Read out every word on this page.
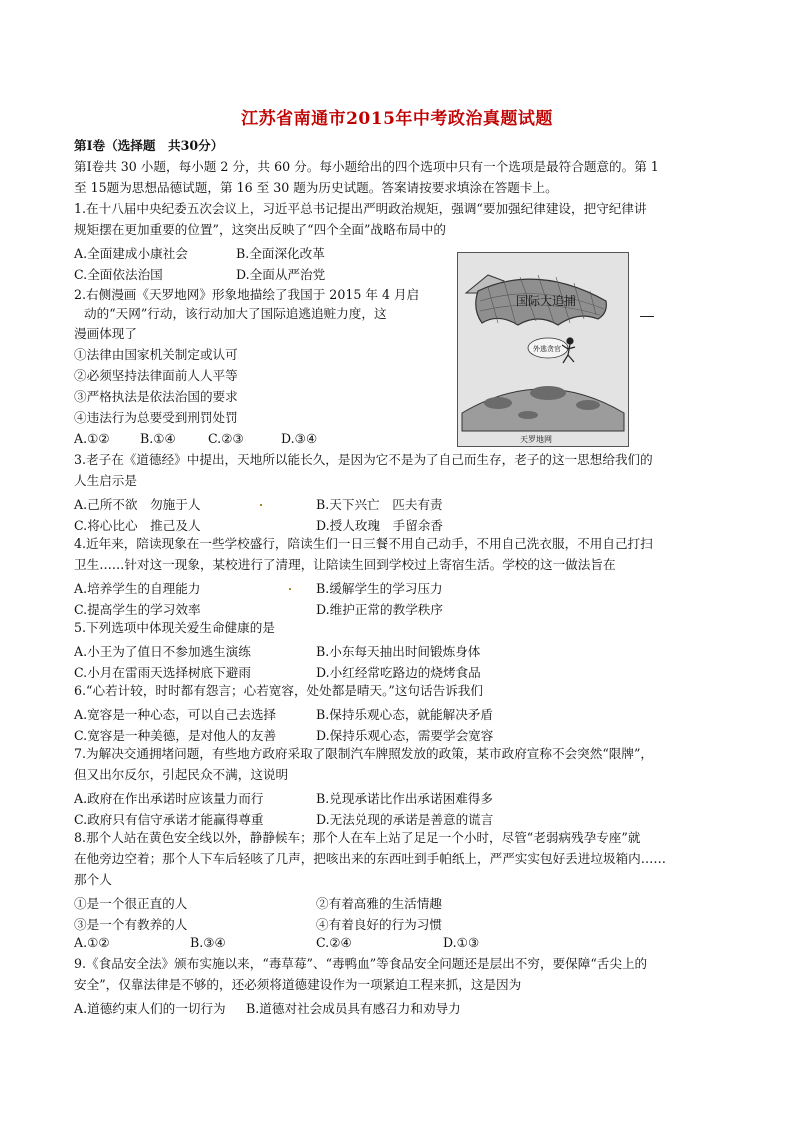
江苏省南通市2015年中考政治真题试题
第Ⅰ卷（选择题　共30分）
第Ⅰ卷共 30 小题，每小题 2 分，共 60 分。每小题给出的四个选项中只有一个选项是最符合题意的。第 1
至 15题为思想品德试题，第 16 至 30 题为历史试题。答案请按要求填涂在答题卡上。
1.在十八届中央纪委五次会议上，习近平总书记提出严明政治规矩，强调“要加强纪律建设，把守纪律讲
规矩摆在更加重要的位置”，这突出反映了“四个全面”战略布局中的
A.全面建成小康社会	B.全面深化改革
C.全面依法治国	D.全面从严治党
2.右侧漫画《天罗地网》形象地描绘了我国于 2015 年 4 月启
动的“天网”行动，该行动加大了国际追逃追赃力度，这
漫画体现了
①法律由国家机关制定或认可
②必须坚持法律面前人人平等
③严格执法是依法治国的要求
④违法行为总要受到刑罚处罚
A.①② B.①④	C.②③	D.③④
国际大追捕
外逃贪官
天罗地网
3.老子在《道德经》中提出，天地所以能长久，是因为它不是为了自己而生存，老子的这一思想给我们的
人生启示是
A.己所不欲　勿施于人	B.天下兴亡　匹夫有责
C.将心比心　推己及人	D.授人玫瑰　手留余香
4.近年来，陪读现象在一些学校盛行，陪读生们一日三餐不用自己动手，不用自己洗衣服，不用自己打扫
卫生……针对这一现象，某校进行了清理，让陪读生回到学校过上寄宿生活。学校的这一做法旨在
A.培养学生的自理能力	B.缓解学生的学习压力
C.提高学生的学习效率	D.维护正常的教学秩序
5.下列选项中体现关爱生命健康的是
A.小王为了值日不参加逃生演练	B.小东每天抽出时间锻炼身体
C.小月在雷雨天选择树底下避雨	D.小红经常吃路边的烧烤食品
6.“心若计较，时时都有怨言；心若宽容，处处都是晴天。”这句话告诉我们
A.宽容是一种心态，可以自己去选择	B.保持乐观心态，就能解决矛盾
C.宽容是一种美德，是对他人的友善	D.保持乐观心态，需要学会宽容
7.为解决交通拥堵问题，有些地方政府采取了限制汽车牌照发放的政策，某市政府宣称不会突然“限牌”，
但又出尔反尔，引起民众不满，这说明
A.政府在作出承诺时应该量力而行	B.兑现承诺比作出承诺困难得多
C.政府只有信守承诺才能赢得尊重	D.无法兑现的承诺是善意的谎言
8.那个人站在黄色安全线以外，静静候车；那个人在车上站了足足一个小时，尽管“老弱病残孕专座”就
在他旁边空着；那个人下车后轻咳了几声，把咳出来的东西吐到手帕纸上，严严实实包好丢进垃圾箱内……
那个人
①是一个很正直的人	②有着高雅的生活情趣
③是一个有教养的人	④有着良好的行为习惯
A.①②	B.③④	C.②④	D.①③
9.《食品安全法》颁布实施以来，“毒草莓”、“毒鸭血”等食品安全问题还是层出不穷，要保障“舌尖上的
安全”，仅靠法律是不够的，还必须将道德建设作为一项紧迫工程来抓，这是因为
A.道德约束人们的一切行为 B.道德对社会成员具有感召力和劝导力
